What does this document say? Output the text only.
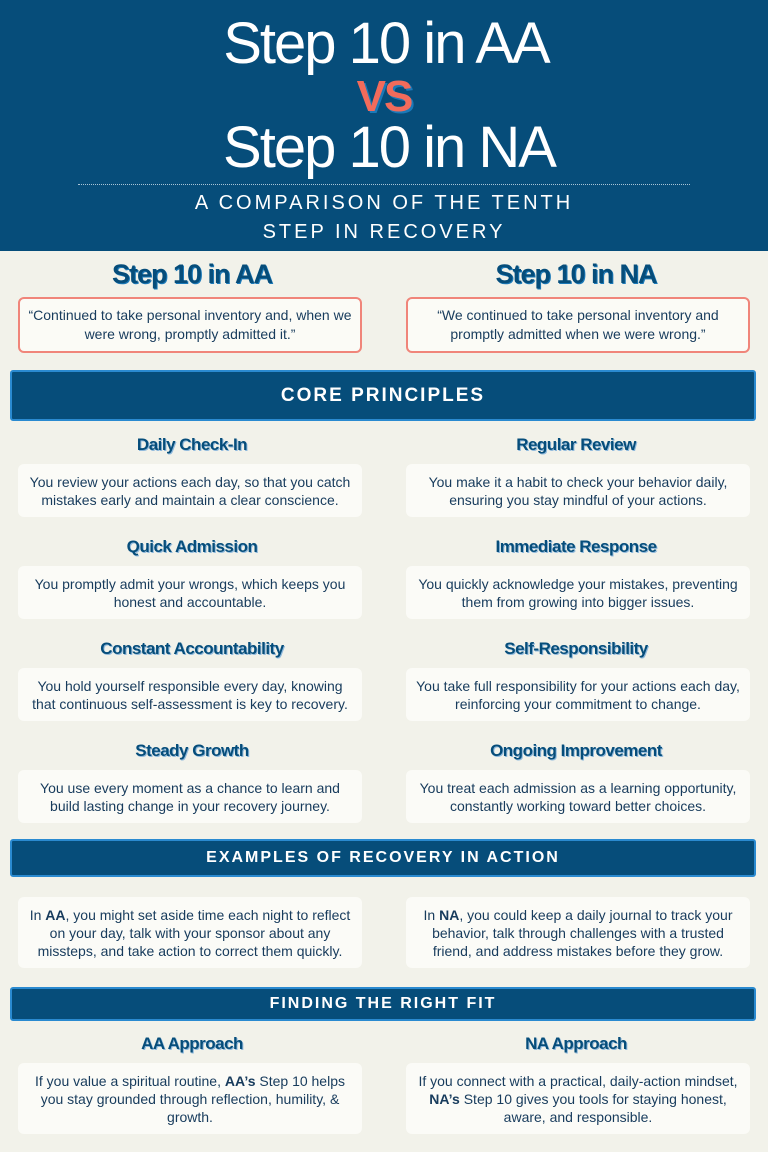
Step 10 in AA
VS
Step 10 in NA
A COMPARISON OF THE TENTH
STEP IN RECOVERY
Step 10 in AA	Step 10 in NA
“Continued to take personal inventory and, when we were wrong, promptly admitted it.”
“We continued to take personal inventory and promptly admitted when we were wrong.”
CORE PRINCIPLES
Daily Check-In
You review your actions each day, so that you catch mistakes early and maintain a clear conscience.
Regular Review
You make it a habit to check your behavior daily, ensuring you stay mindful of your actions.
Quick Admission
You promptly admit your wrongs, which keeps you honest and accountable.
Immediate Response
You quickly acknowledge your mistakes, preventing them from growing into bigger issues.
Constant Accountability
You hold yourself responsible every day, knowing that continuous self-assessment is key to recovery.
Self-Responsibility
You take full responsibility for your actions each day, reinforcing your commitment to change.
Steady Growth
You use every moment as a chance to learn and build lasting change in your recovery journey.
Ongoing Improvement
You treat each admission as a learning opportunity, constantly working toward better choices.
EXAMPLES OF RECOVERY IN ACTION
In AA, you might set aside time each night to reflect on your day, talk with your sponsor about any missteps, and take action to correct them quickly.
In NA, you could keep a daily journal to track your behavior, talk through challenges with a trusted friend, and address mistakes before they grow.
FINDING THE RIGHT FIT
AA Approach	NA Approach
If you value a spiritual routine, AA’s Step 10 helps you stay grounded through reflection, humility, & growth.
If you connect with a practical, daily-action mindset, NA’s Step 10 gives you tools for staying honest, aware, and responsible.
